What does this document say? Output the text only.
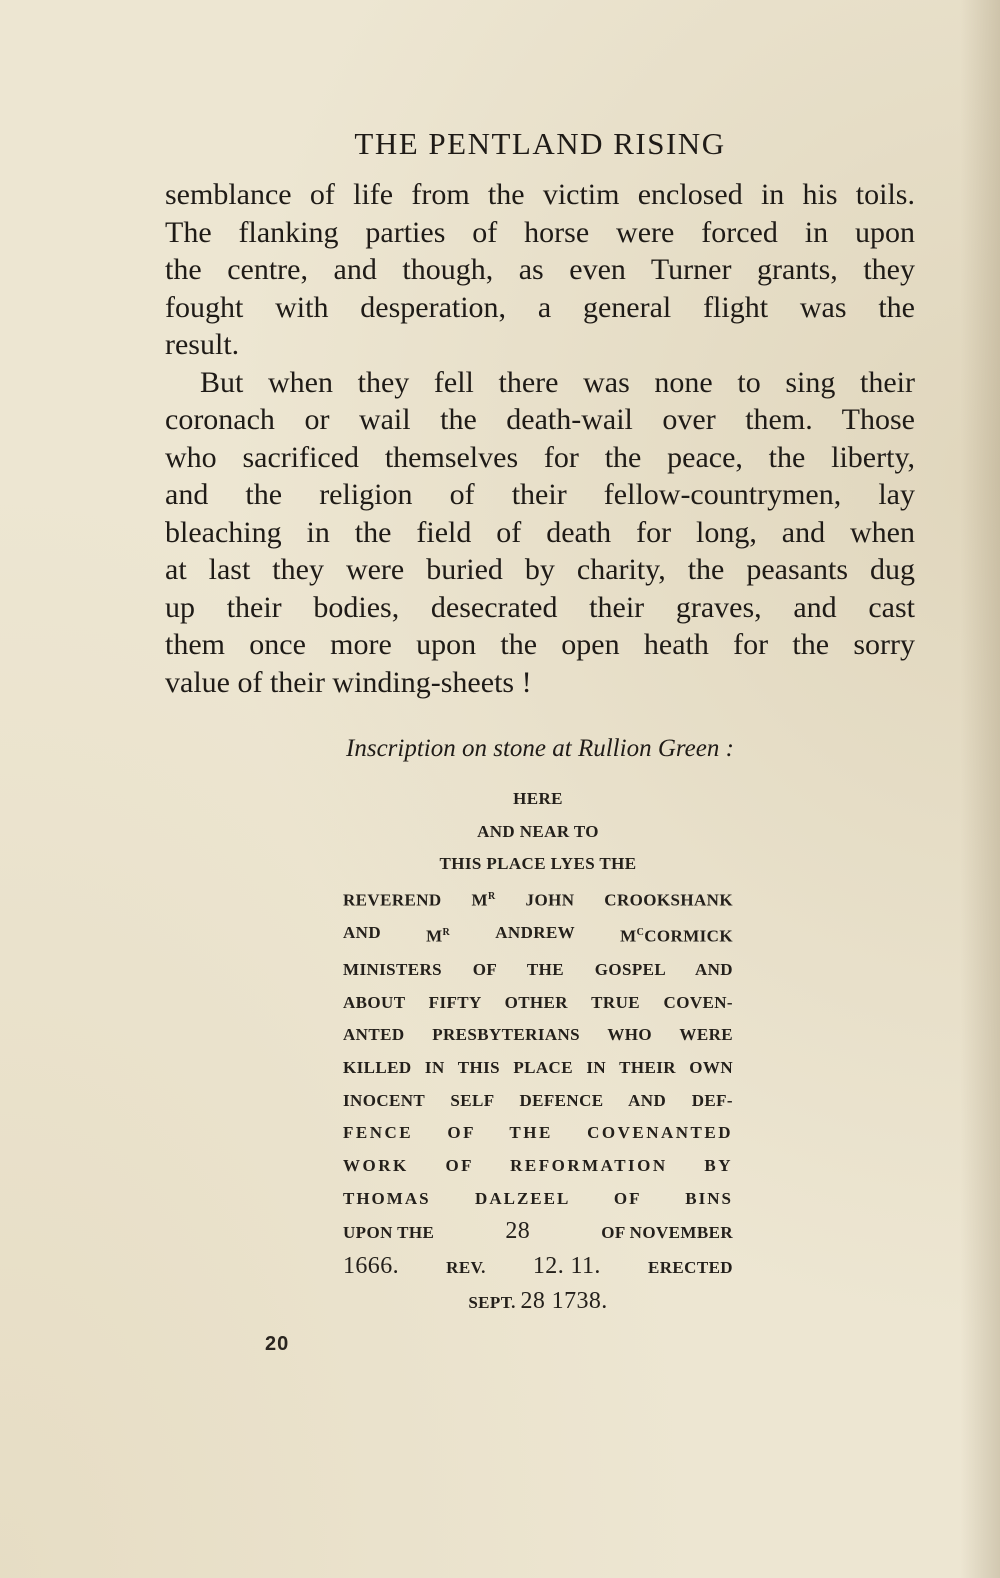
THE PENTLAND RISING
semblance of life from the victim enclosed in his toils.
The flanking parties of horse were forced in upon
the centre, and though, as even Turner grants, they
fought with desperation, a general flight was the
result.
But when they fell there was none to sing their
coronach or wail the death-wail over them. Those
who sacrificed themselves for the peace, the liberty,
and the religion of their fellow-countrymen, lay
bleaching in the field of death for long, and when
at last they were buried by charity, the peasants dug
up their bodies, desecrated their graves, and cast
them once more upon the open heath for the sorry
value of their winding-sheets !
Inscription on stone at Rullion Green :
HERE
AND NEAR TO
THIS PLACE LYES THE
REVEREND $M^R$ JOHN CROOKSHANK
AND	$M^R$	ANDREW	$M^CCORMICK$
MINISTERS OF THE GOSPEL AND
ABOUT FIFTY OTHER TRUE COVEN-
ANTED PRESBYTERIANS WHO WERE
KILLED IN THIS PLACE IN THEIR OWN
INOCENT SELF DEFENCE AND DEF-
FENCE OF THE COVENANTED
WORK OF REFORMATION BY
THOMAS DALZEEL OF BINS
UPON THE	28	OF NOVEMBER
1666.	REV. 12. 11.	ERECTED
SEPT. 28 1738.
20
